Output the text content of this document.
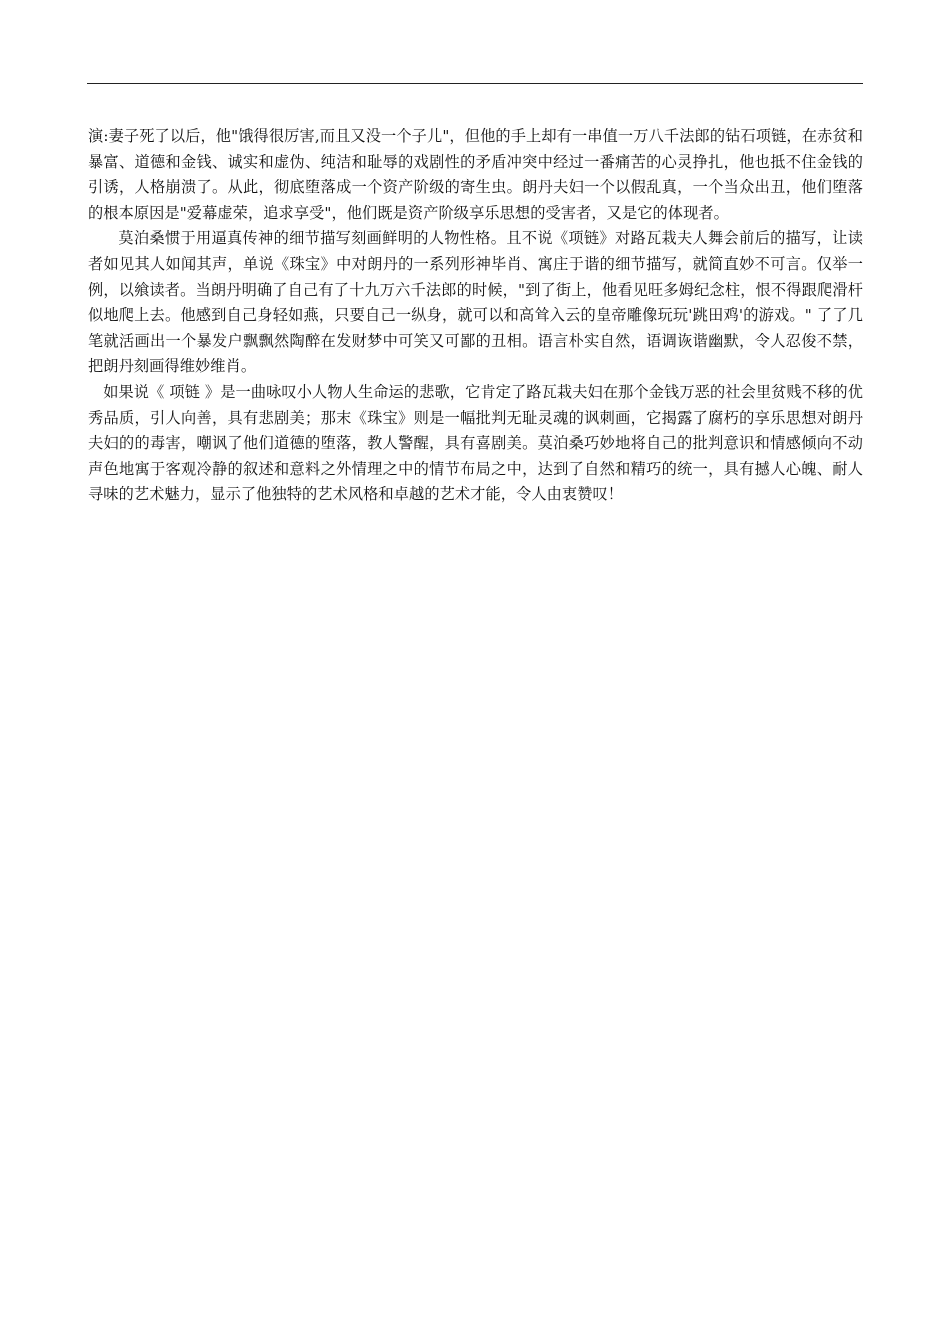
演:妻子死了以后，他"饿得很厉害,而且又没一个子儿"，但他的手上却有一串值一万八千法郎的钻石项链，在赤贫和暴富、道德和金钱、诚实和虚伪、纯洁和耻辱的戏剧性的矛盾冲突中经过一番痛苦的心灵挣扎，他也抵不住金钱的引诱，人格崩溃了。从此，彻底堕落成一个资产阶级的寄生虫。朗丹夫妇一个以假乱真，一个当众出丑，他们堕落的根本原因是"爱幕虚荣，追求享受"，他们既是资产阶级享乐思想的受害者，又是它的体现者。

莫泊桑惯于用逼真传神的细节描写刻画鲜明的人物性格。且不说《项链》对路瓦栽夫人舞会前后的描写，让读者如见其人如闻其声，单说《珠宝》中对朗丹的一系列形神毕肖、寓庄于谐的细节描写，就简直妙不可言。仅举一例，以飨读者。当朗丹明确了自己有了十九万六千法郎的时候，"到了街上，他看见旺多姆纪念柱，恨不得跟爬滑杆似地爬上去。他感到自己身轻如燕，只要自己一纵身，就可以和高耸入云的皇帝雕像玩玩'跳田鸡'的游戏。" 了了几笔就活画出一个暴发户飘飘然陶醉在发财梦中可笑又可鄙的丑相。语言朴实自然，语调诙谐幽默，令人忍俊不禁，把朗丹刻画得维妙维肖。

如果说《 项链 》是一曲咏叹小人物人生命运的悲歌，它肯定了路瓦栽夫妇在那个金钱万恶的社会里贫贱不移的优秀品质，引人向善，具有悲剧美；那末《珠宝》则是一幅批判无耻灵魂的讽刺画，它揭露了腐朽的享乐思想对朗丹夫妇的的毒害，嘲讽了他们道德的堕落，教人警醒，具有喜剧美。莫泊桑巧妙地将自己的批判意识和情感倾向不动声色地寓于客观冷静的叙述和意料之外情理之中的情节布局之中，达到了自然和精巧的统一，具有撼人心魄、耐人寻味的艺术魅力，显示了他独特的艺术风格和卓越的艺术才能，令人由衷赞叹！
